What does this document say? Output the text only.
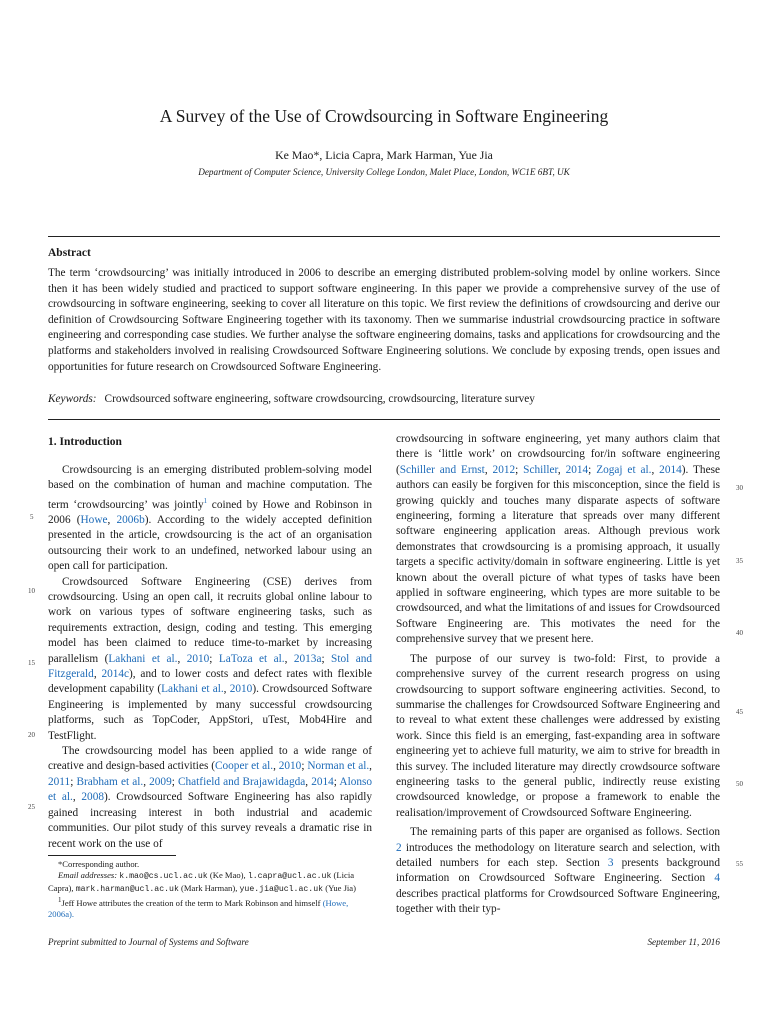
A Survey of the Use of Crowdsourcing in Software Engineering
Ke Mao*, Licia Capra, Mark Harman, Yue Jia
Department of Computer Science, University College London, Malet Place, London, WC1E 6BT, UK
Abstract
The term ‘crowdsourcing’ was initially introduced in 2006 to describe an emerging distributed problem-solving model by online workers. Since then it has been widely studied and practiced to support software engineering. In this paper we provide a comprehensive survey of the use of crowdsourcing in software engineering, seeking to cover all literature on this topic. We first review the definitions of crowdsourcing and derive our definition of Crowdsourcing Software Engineering together with its taxonomy. Then we summarise industrial crowdsourcing practice in software engineering and corresponding case studies. We further analyse the software engineering domains, tasks and applications for crowdsourcing and the platforms and stakeholders involved in realising Crowdsourced Software Engineering solutions. We conclude by exposing trends, open issues and opportunities for future research on Crowdsourced Software Engineering.
Keywords: Crowdsourced software engineering, software crowdsourcing, crowdsourcing, literature survey
1. Introduction

Crowdsourcing is an emerging distributed problem-solving model based on the combination of human and machine computation. The term ‘crowdsourcing’ was jointly$^1$ coined by Howe and Robinson in 2006 (Howe, 2006b). According to the widely accepted definition presented in the article, crowdsourcing is the act of an organisation outsourcing their work to an undefined, networked labour using an open call for participation.

Crowdsourced Software Engineering (CSE) derives from crowdsourcing. Using an open call, it recruits global online labour to work on various types of software engineering tasks, such as requirements extraction, design, coding and testing. This emerging model has been claimed to reduce time-to-market by increasing parallelism (Lakhani et al., 2010; LaToza et al., 2013a; Stol and Fitzgerald, 2014c), and to lower costs and defect rates with flexible development capability (Lakhani et al., 2010). Crowdsourced Software Engineering is implemented by many successful crowdsourcing platforms, such as TopCoder, AppStori, uTest, Mob4Hire and TestFlight.

The crowdsourcing model has been applied to a wide range of creative and design-based activities (Cooper et al., 2010; Norman et al., 2011; Brabham et al., 2009; Chatfield and Brajawidagda, 2014; Alonso et al., 2008). Crowdsourced Software Engineering has also rapidly gained increasing interest in both industrial and academic communities. Our pilot study of this survey reveals a dramatic rise in recent work on the use of

crowdsourcing in software engineering, yet many authors claim that there is ‘little work’ on crowdsourcing for/in software engineering (Schiller and Ernst, 2012; Schiller, 2014; Zogaj et al., 2014). These authors can easily be forgiven for this misconception, since the field is growing quickly and touches many disparate aspects of software engineering, forming a literature that spreads over many different software engineering application areas. Although previous work demonstrates that crowdsourcing is a promising approach, it usually targets a specific activity/domain in software engineering. Little is yet known about the overall picture of what types of tasks have been applied in software engineering, which types are more suitable to be crowdsourced, and what the limitations of and issues for Crowdsourced Software Engineering are. This motivates the need for the comprehensive survey that we present here.

The purpose of our survey is two-fold: First, to provide a comprehensive survey of the current research progress on using crowdsourcing to support software engineering activities. Second, to summarise the challenges for Crowdsourced Software Engineering and to reveal to what extent these challenges were addressed by existing work. Since this field is an emerging, fast-expanding area in software engineering yet to achieve full maturity, we aim to strive for breadth in this survey. The included literature may directly crowdsource software engineering tasks to the general public, indirectly reuse existing crowdsourced knowledge, or propose a framework to enable the realisation/improvement of Crowdsourced Software Engineering.

The remaining parts of this paper are organised as follows. Section 2 introduces the methodology on literature search and selection, with detailed numbers for each step. Section 3 presents background information on Crowdsourced Software Engineering. Section 4 describes practical platforms for Crowdsourced Software Engineering, together with their typ-

5
10
15
20
25
30
35
40
45
50
55
*Corresponding author.
Email addresses: k.mao@cs.ucl.ac.uk (Ke Mao), l.capra@ucl.ac.uk (Licia Capra), mark.harman@ucl.ac.uk (Mark Harman), yue.jia@ucl.ac.uk (Yue Jia)
$^1$Jeff Howe attributes the creation of the term to Mark Robinson and himself (Howe, 2006a).
Preprint submitted to Journal of Systems and Software	September 11, 2016
